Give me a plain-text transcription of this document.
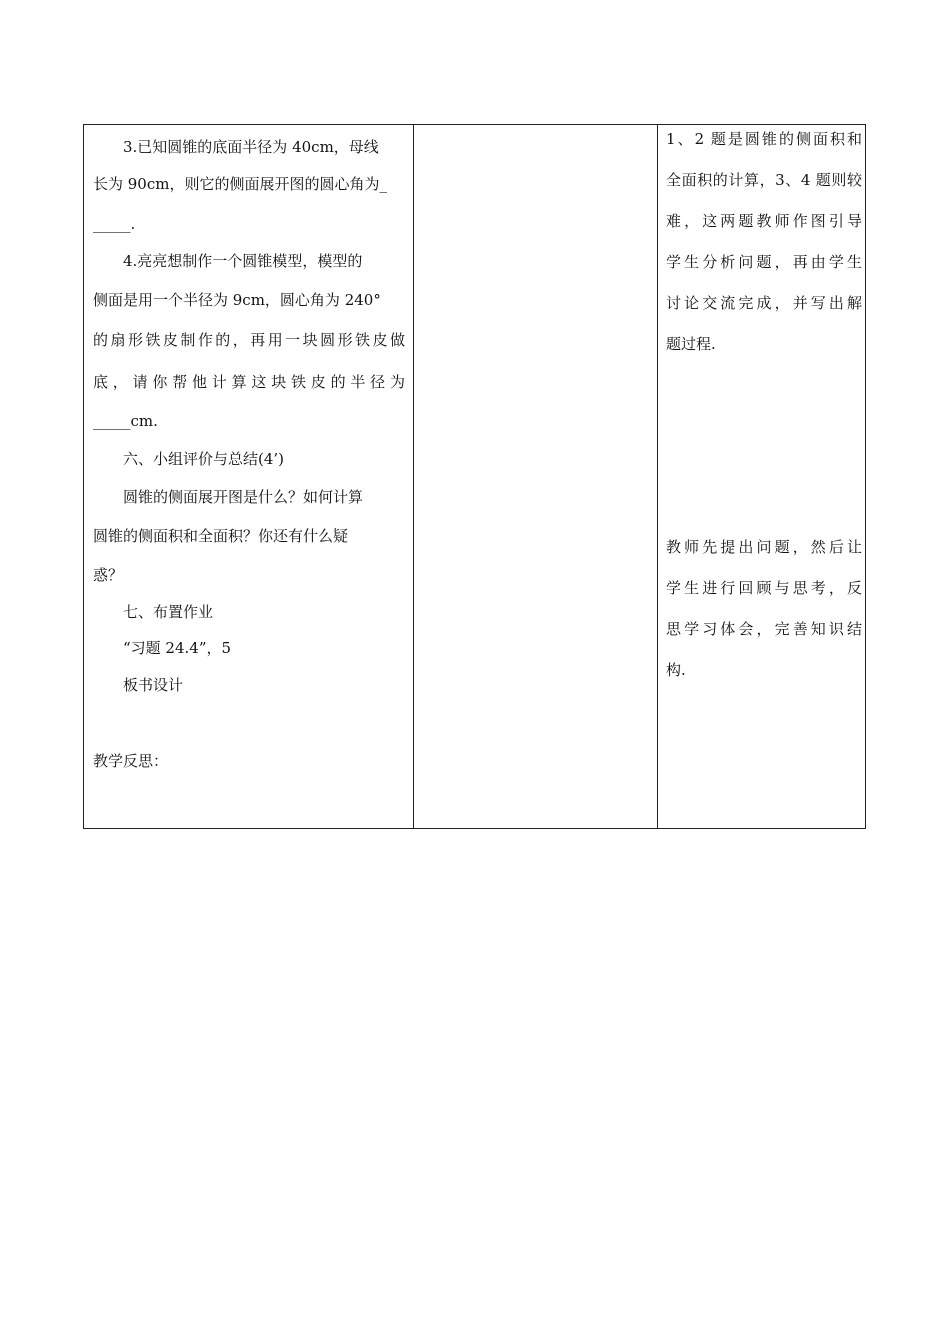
3.已知圆锥的底面半径为 40cm，母线
长为 90cm，则它的侧面展开图的圆心角为_
_____.
4.亮亮想制作一个圆锥模型，模型的
侧面是用一个半径为 9cm，圆心角为 240°
的扇形铁皮制作的，再用一块圆形铁皮做
底，请你帮他计算这块铁皮的半径为
_____cm.
六、小组评价与总结(4’)
圆锥的侧面展开图是什么？如何计算
圆锥的侧面积和全面积？你还有什么疑
惑？
七、布置作业
“习题 24.4”，5
板书设计
教学反思：
1、2 题是圆锥的侧面积和
全面积的计算，3、4 题则较
难，这两题教师作图引导
学生分析问题，再由学生
讨论交流完成，并写出解
题过程.
教师先提出问题，然后让
学生进行回顾与思考，反
思学习体会，完善知识结
构.
